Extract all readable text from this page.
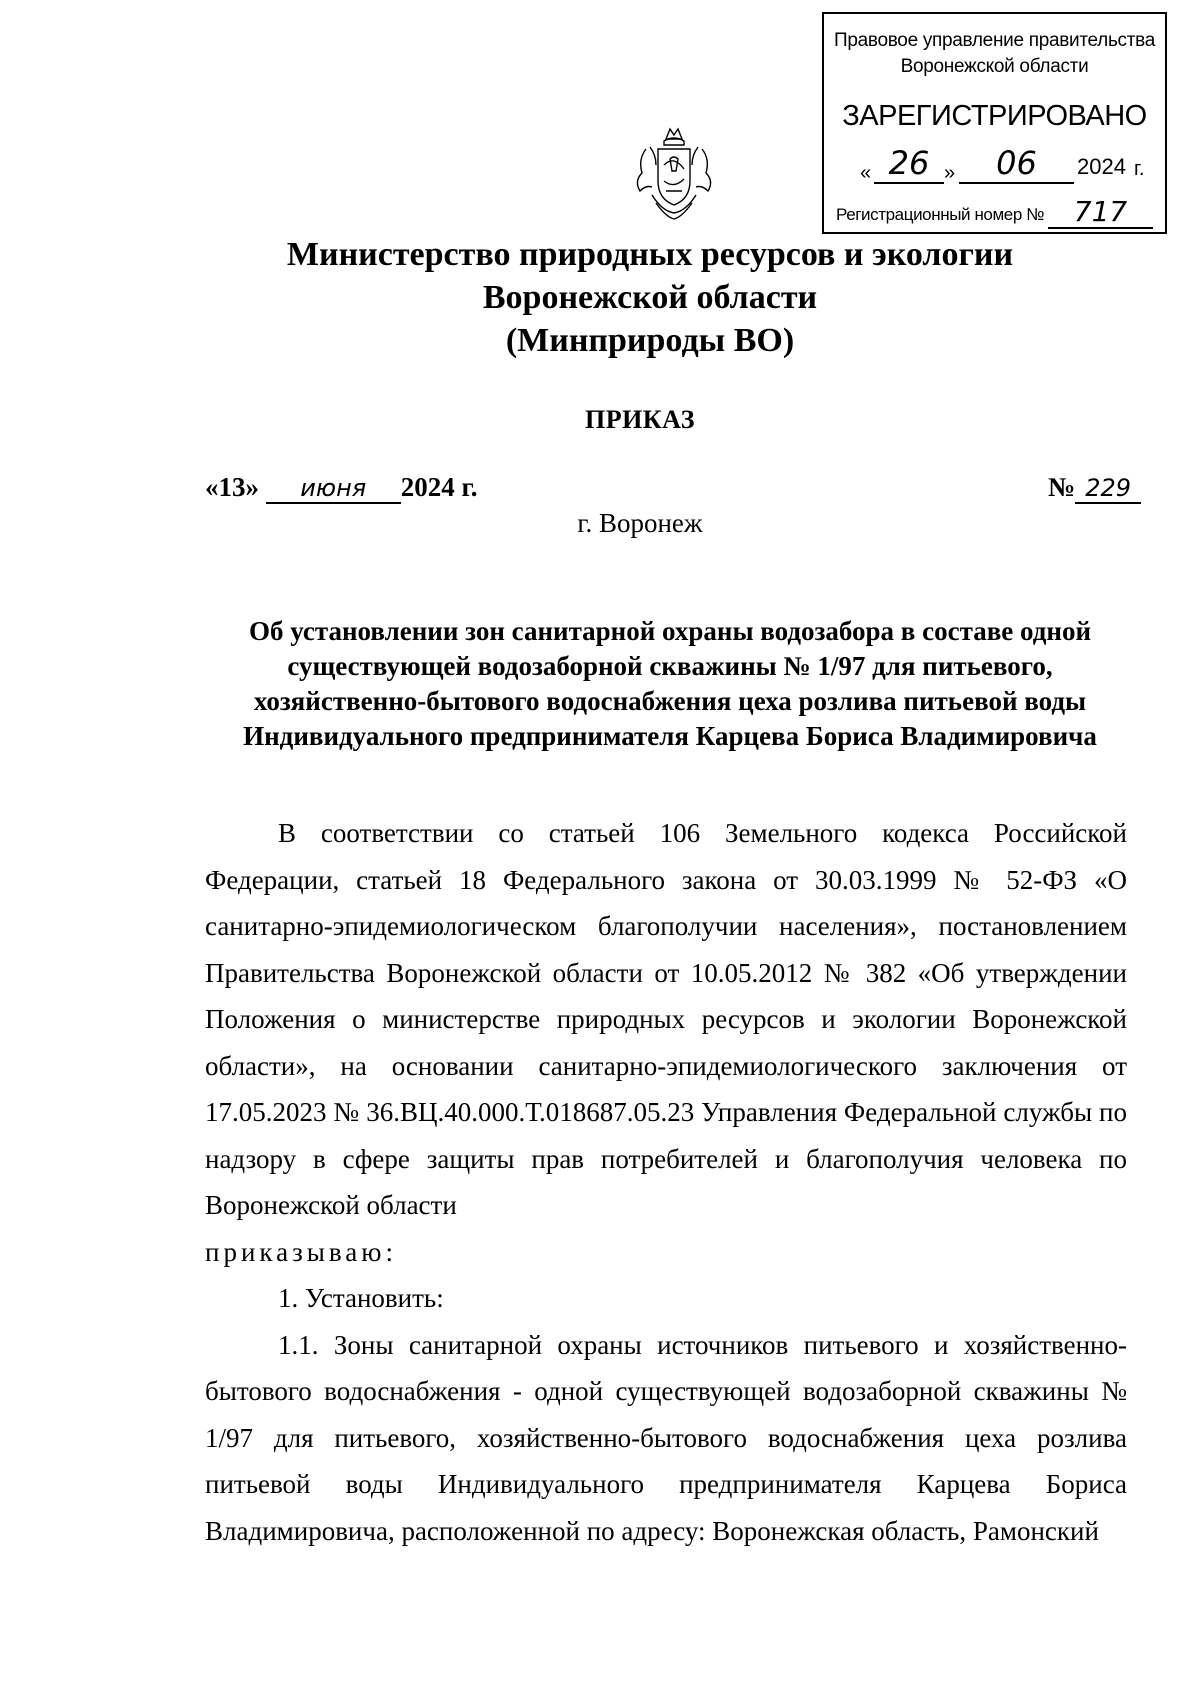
Правовое управление правительства
Воронежской области
ЗАРЕГИСТРИРОВАНО
« 26 »	06	2024 г.
Регистрационный номер №	717
Министерство природных ресурсов и экологии
Воронежской области
(Минприроды ВО)
ПРИКАЗ
«13» июня 2024 г.	№ 229
г. Воронеж
Об установлении зон санитарной охраны водозабора в составе одной
существующей водозаборной скважины № 1/97 для питьевого,
хозяйственно-бытового водоснабжения цеха розлива питьевой воды
Индивидуального предпринимателя Карцева Бориса Владимировича

В соответствии со статьей 106 Земельного кодекса Российской Федерации, статьей 18 Федерального закона от 30.03.1999 № 52-ФЗ «О санитарно-эпидемиологическом благополучии населения», постановлением Правительства Воронежской области от 10.05.2012 № 382 «Об утверждении Положения о министерстве природных ресурсов и экологии Воронежской области», на основании санитарно-эпидемиологического заключения от 17.05.2023 № 36.ВЦ.40.000.Т.018687.05.23 Управления Федеральной службы по надзору в сфере защиты прав потребителей и благополучия человека по Воронежской области

приказываю:

1. Установить:

1.1. Зоны санитарной охраны источников питьевого и хозяйственно-бытового водоснабжения - одной существующей водозаборной скважины № 1/97 для питьевого, хозяйственно-бытового водоснабжения цеха розлива питьевой воды Индивидуального предпринимателя Карцева Бориса Владимировича, расположенной по адресу: Воронежская область, Рамонский
